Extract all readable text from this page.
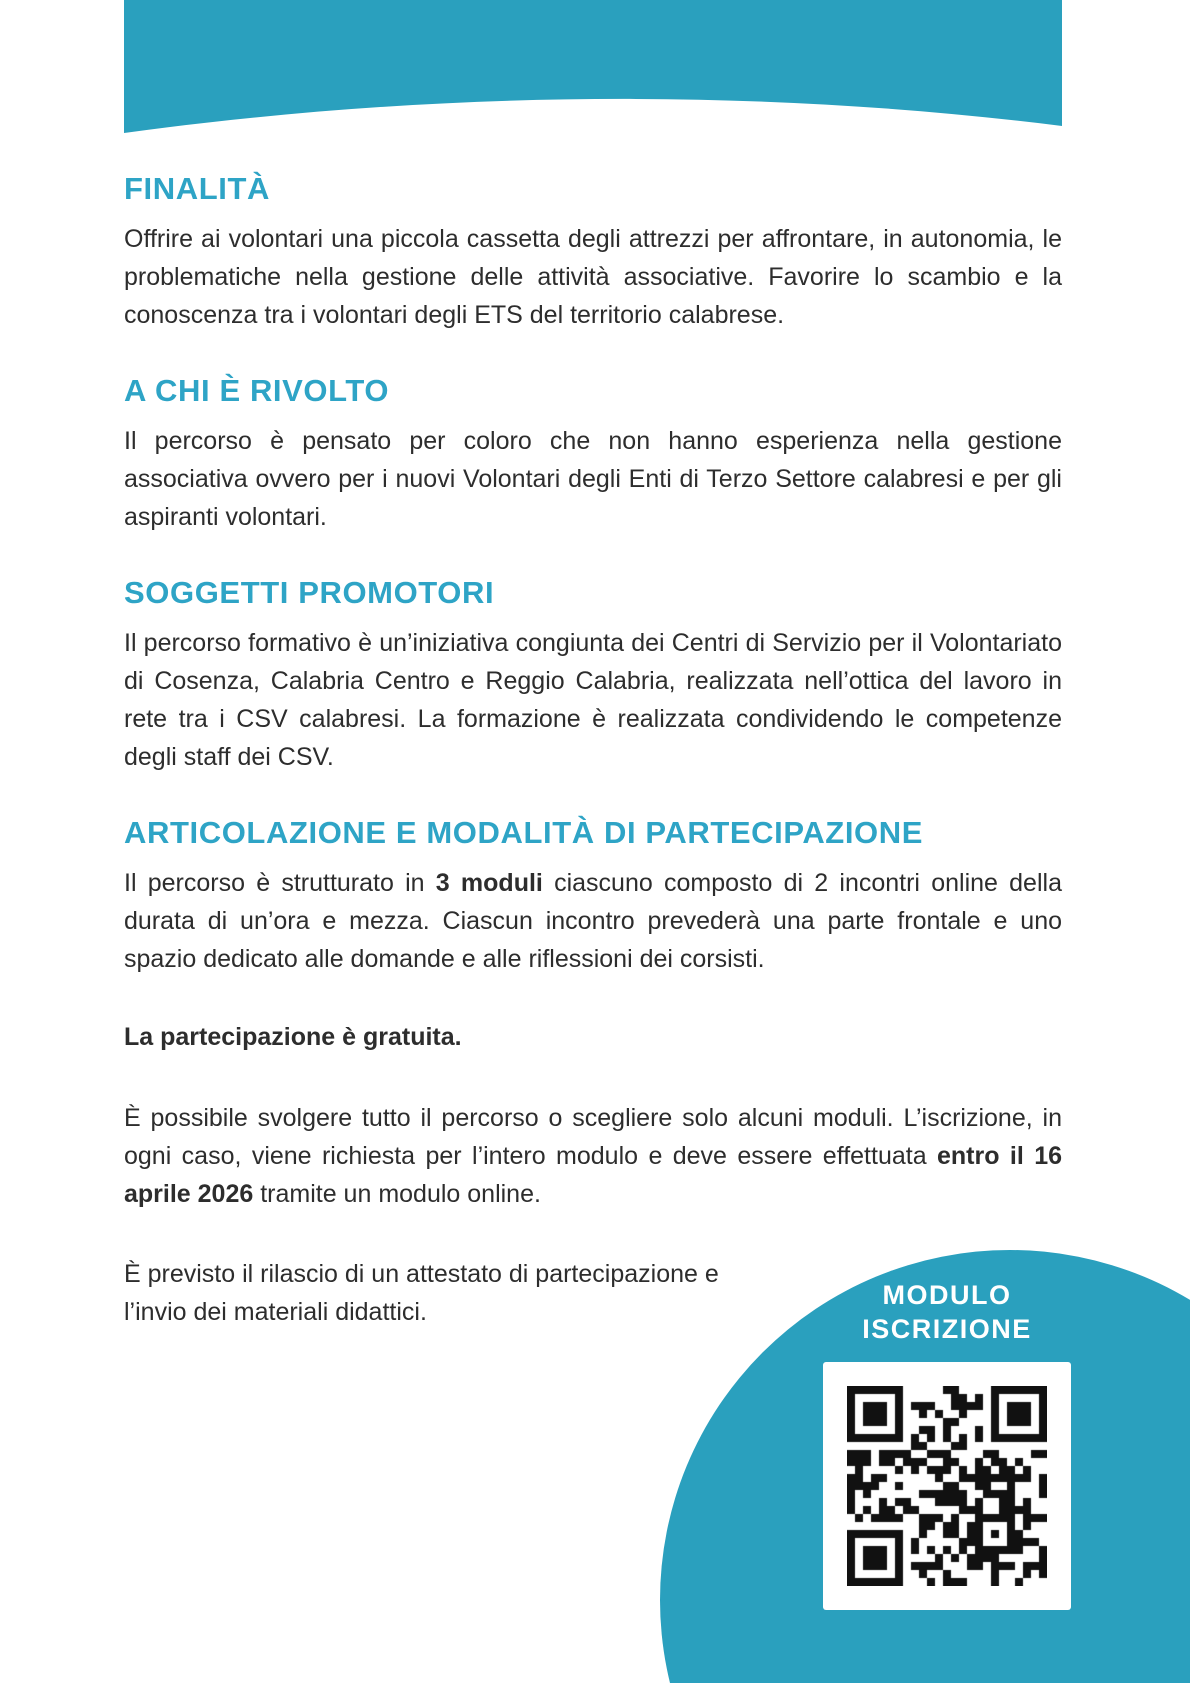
FINALITÀ

Offrire ai volontari una piccola cassetta degli attrezzi per affrontare, in autonomia, le problematiche nella gestione delle attività associative. Favorire lo scambio e la conoscenza tra i volontari degli ETS del territorio calabrese.

A CHI È RIVOLTO

Il percorso è pensato per coloro che non hanno esperienza nella gestione associativa ovvero per i nuovi Volontari degli Enti di Terzo Settore calabresi e per gli aspiranti volontari.

SOGGETTI PROMOTORI

Il percorso formativo è un’iniziativa congiunta dei Centri di Servizio per il Volontariato di Cosenza, Calabria Centro e Reggio Calabria, realizzata nell’ottica del lavoro in rete tra i CSV calabresi. La formazione è realizzata condividendo le competenze degli staff dei CSV.

ARTICOLAZIONE E MODALITÀ DI PARTECIPAZIONE

Il percorso è strutturato in 3 moduli ciascuno composto di 2 incontri online della durata di un’ora e mezza. Ciascun incontro prevederà una parte frontale e uno spazio dedicato alle domande e alle riflessioni dei corsisti.

La partecipazione è gratuita.

È possibile svolgere tutto il percorso o scegliere solo alcuni moduli. L’iscrizione, in ogni caso, viene richiesta per l’intero modulo e deve essere effettuata entro il 16 aprile 2026 tramite un modulo online.

È previsto il rilascio di un attestato di partecipazione e l’invio dei materiali didattici.

MODULO
ISCRIZIONE
